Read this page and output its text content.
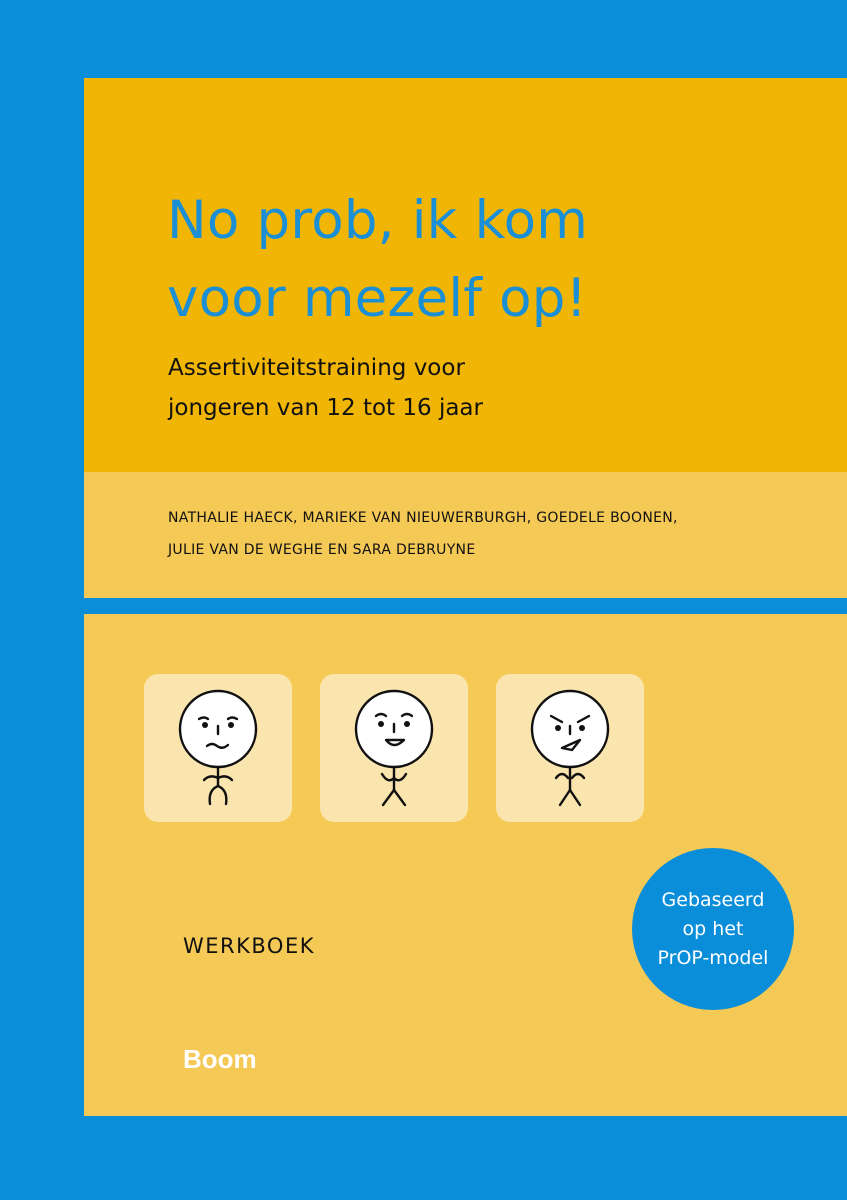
No prob, ik kom
voor mezelf op!

Assertiviteitstraining voor
jongeren van 12 tot 16 jaar

NATHALIE HAECK, MARIEKE VAN NIEUWERBURGH, GOEDELE BOONEN,
JULIE VAN DE WEGHE EN SARA DEBRUYNE

WERKBOEK
Boom
Gebaseerd
op het
PrOP-model
